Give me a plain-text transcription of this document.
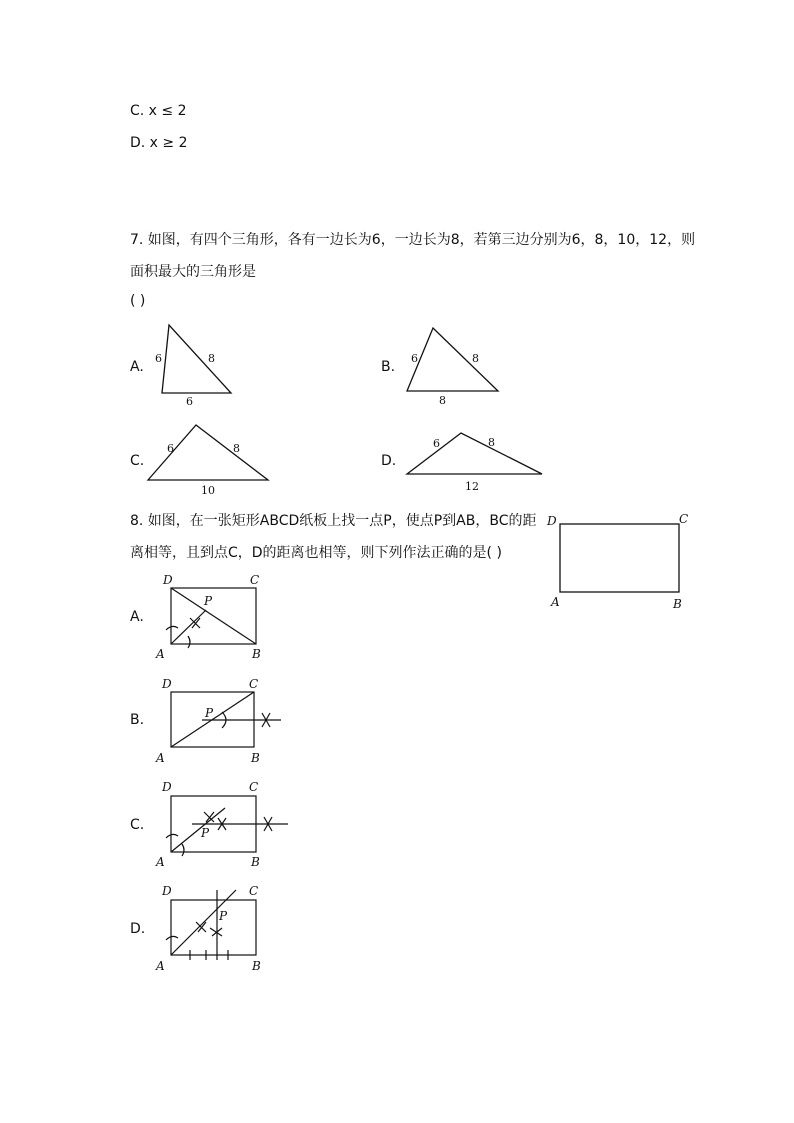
C. x ≤ 2
D. x ≥ 2
7. 如图，有四个三角形，各有一边长为6，一边长为8，若第三边分别为6，8，10，12，则
面积最大的三角形是
( )
A.	B.
C.	D.
6	8
6
6	8
8
6	8
10
6	8
12
8. 如图，在一张矩形ABCD纸板上找一点P，使点P到AB，BC的距
离相等，且到点C，D的距离也相等，则下列作法正确的是( )
A.
B.
C.
D.
D	C
A	B
D	C
A	B
P
D	C
A	B
P
D	C
A	B
P
D	C
A	B
P
